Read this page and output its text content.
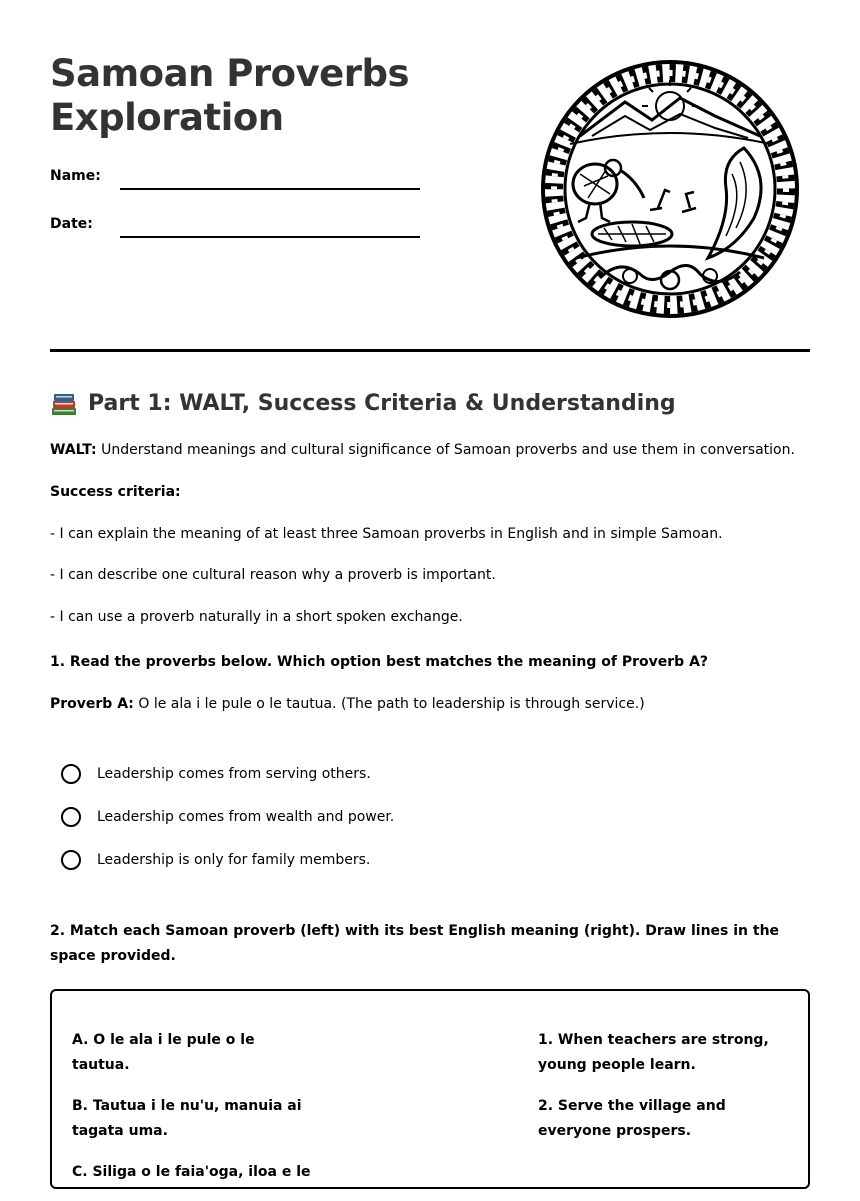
Samoan Proverbs Exploration
Name:
Date:
Part 1: WALT, Success Criteria & Understanding

WALT: Understand meanings and cultural significance of Samoan proverbs and use them in conversation.

Success criteria:

- I can explain the meaning of at least three Samoan proverbs in English and in simple Samoan.

- I can describe one cultural reason why a proverb is important.

- I can use a proverb naturally in a short spoken exchange.

1. Read the proverbs below. Which option best matches the meaning of Proverb A?

Proverb A: O le ala i le pule o le tautua. (The path to leadership is through service.)

Leadership comes from serving others.
Leadership comes from wealth and power.
Leadership is only for family members.
2. Match each Samoan proverb (left) with its best English meaning (right). Draw lines in the space provided.
A. O le ala i le pule o le tautua.
B. Tautua i le nu'u, manuia ai tagata uma.
C. Siliga o le faia'oga, iloa e le
1. When teachers are strong, young people learn.
2. Serve the village and everyone prospers.
